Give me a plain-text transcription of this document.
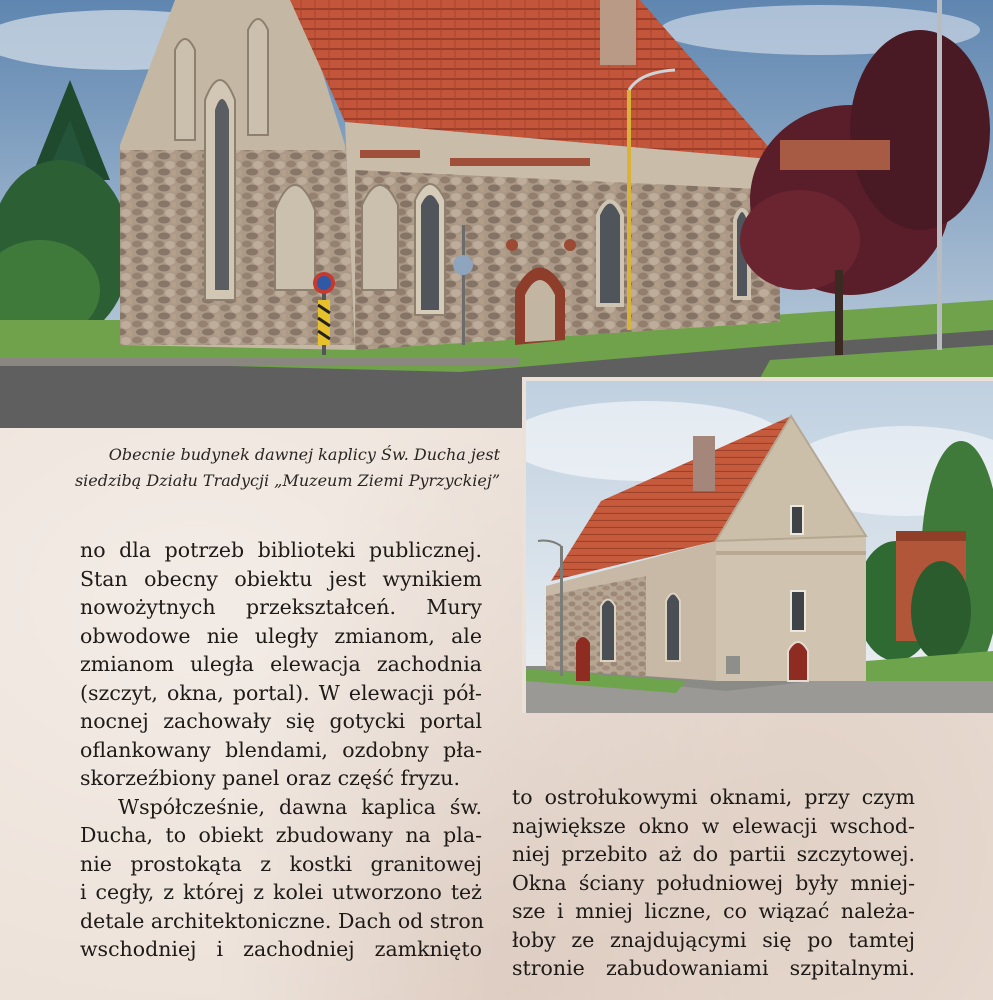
Obecnie budynek dawnej kaplicy Św. Ducha jest
siedzibą Działu Tradycji „Muzeum Ziemi Pyrzyckiej”
no dla potrzeb biblioteki publicznej.
Stan obecny obiektu jest wynikiem
nowożytnych przekształceń. Mury
obwodowe nie uległy zmianom, ale
zmianom uległa elewacja zachodnia
(szczyt, okna, portal). W elewacji pół-
nocnej zachowały się gotycki portal
oflankowany blendami, ozdobny pła-
skorzeźbiony panel oraz część fryzu.
Współcześnie, dawna kaplica św.
Ducha, to obiekt zbudowany na pla-
nie prostokąta z kostki granitowej
i cegły, z której z kolei utworzono też
detale architektoniczne. Dach od stron
wschodniej i zachodniej zamknięto
to ostrołukowymi oknami, przy czym
największe okno w elewacji wschod-
niej przebito aż do partii szczytowej.
Okna ściany południowej były mniej-
sze i mniej liczne, co wiązać należa-
łoby ze znajdującymi się po tamtej
stronie zabudowaniami szpitalnymi.
